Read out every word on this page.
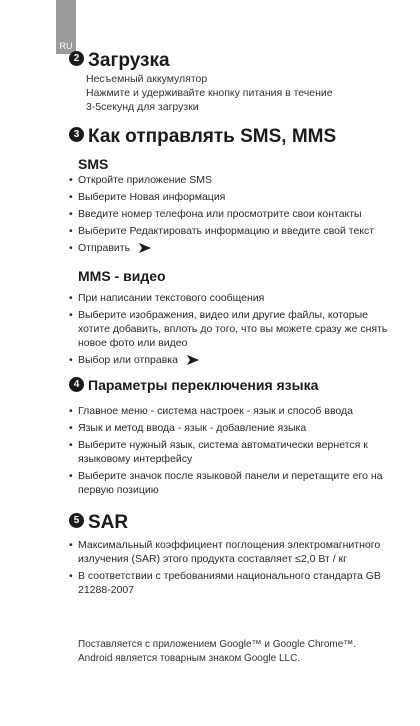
RU
2 Загрузка
Несъемный аккумулятор
Нажмите и удерживайте кнопку питания в течение
3-5секунд для загрузки
3 Как отправлять SMS, MMS
SMS
• Откройте приложение SMS
• Выберите Новая информация
• Введите номер телефона или просмотрите свои контакты
• Выберите Редактировать информацию и введите свой текст
• Отправить
MMS - видео
• При написании текстового сообщения
• Выберите изображения, видео или другие файлы, которые хотите добавить, вплоть до того, что вы можете сразу же снять новое фото или видео
• Выбор или отправка
4 Параметры переключения языка
• Главное меню - система настроек - язык и способ ввода
• Язык и метод ввода - язык - добавление языка
• Выберите нужный язык, система автоматически вернется к языковому интерфейсу
• Выберите значок после языковой панели и перетащите его на первую позицию
5 SAR
• Максимальный коэффициент поглощения электромагнитного излучения (SAR) этого продукта составляет ≤2,0 Вт / кг
• В соответствии с требованиями национального стандарта GB 21288-2007
Поставляется с приложением Google™ и Google Chrome™.
Android является товарным знаком Google LLC.
